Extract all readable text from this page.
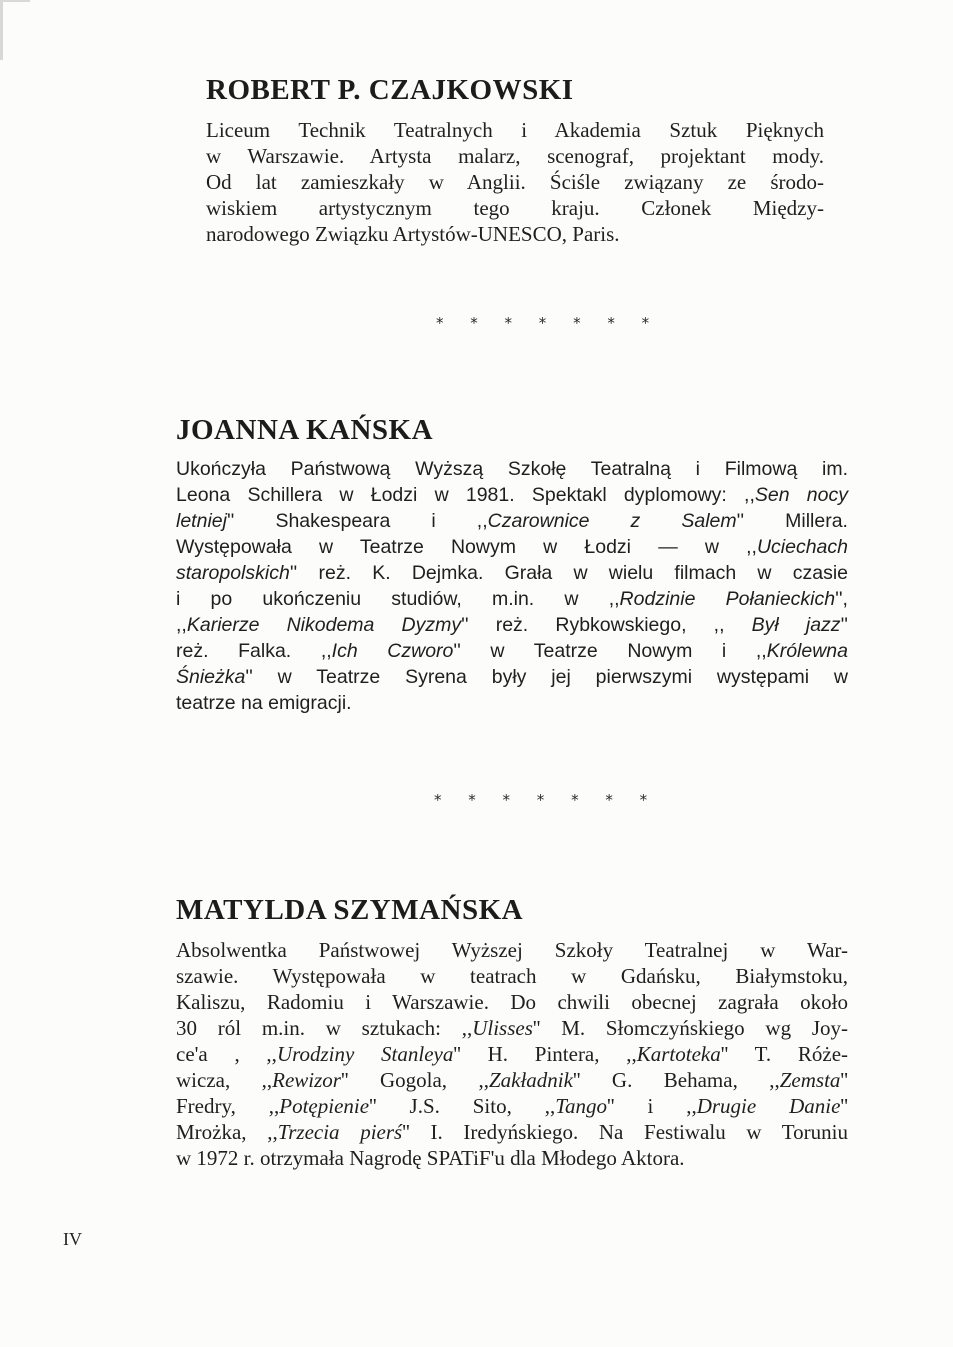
ROBERT P. CZAJKOWSKI
Liceum Technik Teatralnych i Akademia Sztuk Pięknych
w Warszawie. Artysta malarz, scenograf, projektant mody.
Od lat zamieszkały w Anglii. Ściśle związany ze środo-
wiskiem artystycznym tego kraju. Członek Między-
narodowego Związku Artystów-UNESCO, Paris.
* * * * * * *
JOANNA KAŃSKA
Ukończyła Państwową Wyższą Szkołę Teatralną i Filmową im.
Leona Schillera w Łodzi w 1981. Spektakl dyplomowy: ,,Sen nocy
letniej'' Shakespeara i ,,Czarownice z Salem'' Millera.
Występowała w Teatrze Nowym w Łodzi — w ,,Uciechach
staropolskich'' reż. K. Dejmka. Grała w wielu filmach w czasie
i po ukończeniu studiów, m.in. w ,,Rodzinie Połanieckich'',
,,Karierze Nikodema Dyzmy'' reż. Rybkowskiego, ,, Był jazz''
reż. Falka. ,,Ich Czworo'' w Teatrze Nowym i ,,Królewna
Śnieżka'' w Teatrze Syrena były jej pierwszymi występami w
teatrze na emigracji.
* * * * * * *
MATYLDA SZYMAŃSKA
Absolwentka Państwowej Wyższej Szkoły Teatralnej w War-
szawie. Występowała w teatrach w Gdańsku, Białymstoku,
Kaliszu, Radomiu i Warszawie. Do chwili obecnej zagrała około
30 ról m.in. w sztukach: ,,Ulisses'' M. Słomczyńskiego wg Joy-
ce'a , ,,Urodziny Stanleya'' H. Pintera, ,,Kartoteka'' T. Róże-
wicza, ,,Rewizor'' Gogola, ,,Zakładnik'' G. Behama, ,,Zemsta''
Fredry, ,,Potępienie'' J.S. Sito, ,,Tango'' i ,,Drugie Danie''
Mrożka, ,,Trzecia pierś'' I. Iredyńskiego. Na Festiwalu w Toruniu
w 1972 r. otrzymała Nagrodę SPATiF'u dla Młodego Aktora.
IV
